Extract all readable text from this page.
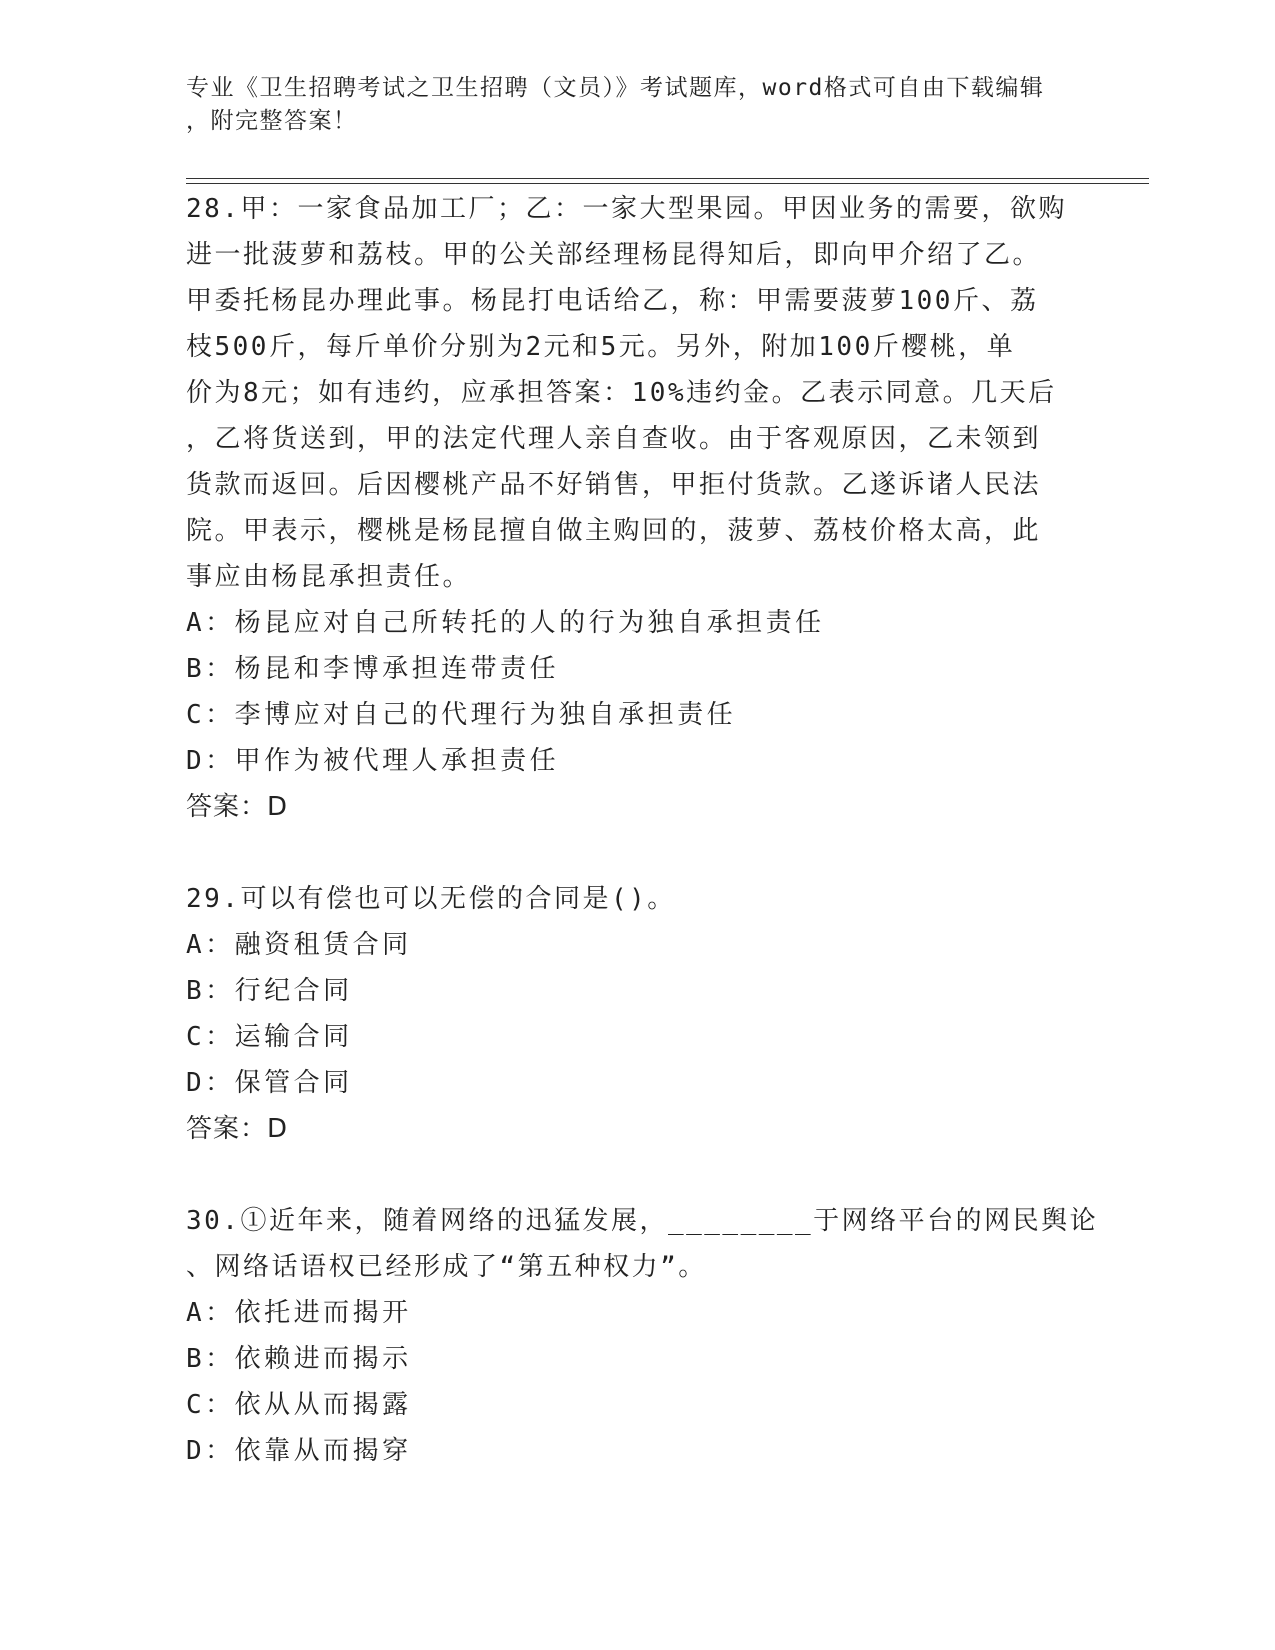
专业《卫生招聘考试之卫生招聘（文员）》考试题库，word格式可自由下载编辑
，附完整答案！
28.甲：一家食品加工厂；乙：一家大型果园。甲因业务的需要，欲购
进一批菠萝和荔枝。甲的公关部经理杨昆得知后，即向甲介绍了乙。
甲委托杨昆办理此事。杨昆打电话给乙，称：甲需要菠萝100斤、荔
枝500斤，每斤单价分别为2元和5元。另外，附加100斤樱桃，单
价为8元；如有违约，应承担答案：10%违约金。乙表示同意。几天后
，乙将货送到，甲的法定代理人亲自查收。由于客观原因，乙未领到
货款而返回。后因樱桃产品不好销售，甲拒付货款。乙遂诉诸人民法
院。甲表示，樱桃是杨昆擅自做主购回的，菠萝、荔枝价格太高，此
事应由杨昆承担责任。
A：杨昆应对自己所转托的人的行为独自承担责任
B：杨昆和李博承担连带责任
C：李博应对自己的代理行为独自承担责任
D：甲作为被代理人承担责任
答案：D
29.可以有偿也可以无偿的合同是()。
A：融资租赁合同
B：行纪合同
C：运输合同
D：保管合同
答案：D
30.①近年来，随着网络的迅猛发展，________于网络平台的网民舆论
、网络话语权已经形成了“第五种权力”。
A：依托进而揭开
B：依赖进而揭示
C：依从从而揭露
D：依靠从而揭穿
